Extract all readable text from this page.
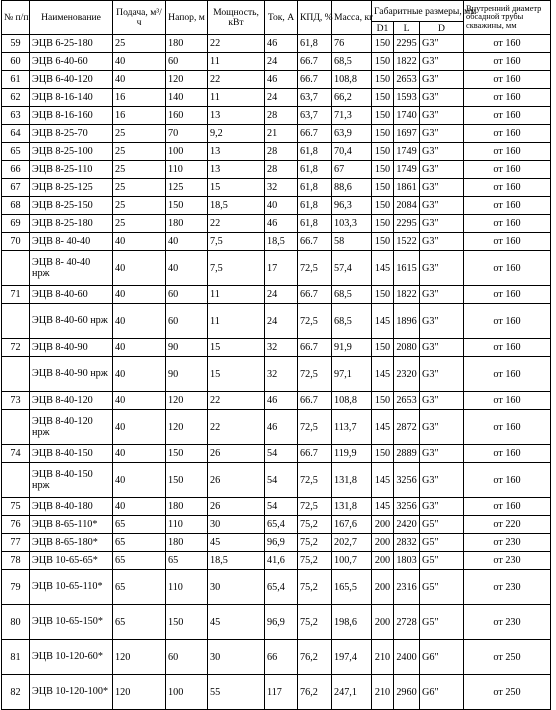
№ п/п	Наименование	Подача, м³/ч	Напор, м	Мощность, кВт	Ток, А	КПД, %	Масса, кг	Габаритные размеры, мм			Внутренний диаметр обсадной трубы скважины, мм
								D1	L	D	
59	ЭЦВ 6-25-180	25	180	22	46	61,8	76	150	2295	G3"	от 160
60	ЭЦВ 6-40-60	40	60	11	24	66.7	68,5	150	1822	G3"	от 160
61	ЭЦВ 6-40-120	40	120	22	46	66.7	108,8	150	2653	G3"	от 160
62	ЭЦВ 8-16-140	16	140	11	24	63,7	66,2	150	1593	G3"	от 160
63	ЭЦВ 8-16-160	16	160	13	28	63,7	71,3	150	1740	G3"	от 160
64	ЭЦВ 8-25-70	25	70	9,2	21	66.7	63,9	150	1697	G3"	от 160
65	ЭЦВ 8-25-100	25	100	13	28	61,8	70,4	150	1749	G3"	от 160
66	ЭЦВ 8-25-110	25	110	13	28	61,8	67	150	1749	G3"	от 160
67	ЭЦВ 8-25-125	25	125	15	32	61,8	88,6	150	1861	G3"	от 160
68	ЭЦВ 8-25-150	25	150	18,5	40	61,8	96,3	150	2084	G3"	от 160
69	ЭЦВ 8-25-180	25	180	22	46	61,8	103,3	150	2295	G3"	от 160
70	ЭЦВ 8- 40-40	40	40	7,5	18,5	66.7	58	150	1522	G3"	от 160
	ЭЦВ 8- 40-40 нрж	40	40	7,5	17	72,5	57,4	145	1615	G3"	от 160
71	ЭЦВ 8-40-60	40	60	11	24	66.7	68,5	150	1822	G3"	от 160
	ЭЦВ 8-40-60 нрж	40	60	11	24	72,5	68,5	145	1896	G3"	от 160
72	ЭЦВ 8-40-90	40	90	15	32	66.7	91,9	150	2080	G3"	от 160
	ЭЦВ 8-40-90 нрж	40	90	15	32	72,5	97,1	145	2320	G3"	от 160
73	ЭЦВ 8-40-120	40	120	22	46	66.7	108,8	150	2653	G3"	от 160
	ЭЦВ 8-40-120 нрж	40	120	22	46	72,5	113,7	145	2872	G3"	от 160
74	ЭЦВ 8-40-150	40	150	26	54	66.7	119,9	150	2889	G3"	от 160
	ЭЦВ 8-40-150 нрж	40	150	26	54	72,5	131,8	145	3256	G3"	от 160
75	ЭЦВ 8-40-180	40	180	26	54	72,5	131,8	145	3256	G3"	от 160
76	ЭЦВ 8-65-110*	65	110	30	65,4	75,2	167,6	200	2420	G5"	от 220
77	ЭЦВ 8-65-180*	65	180	45	96,9	75,2	202,7	200	2832	G5"	от 230
78	ЭЦВ 10-65-65*	65	65	18,5	41,6	75,2	100,7	200	1803	G5"	от 230
79	ЭЦВ 10-65-110*	65	110	30	65,4	75,2	165,5	200	2316	G5"	от 230
80	ЭЦВ 10-65-150*	65	150	45	96,9	75,2	198,6	200	2728	G5"	от 230
81	ЭЦВ 10-120-60*	120	60	30	66	76,2	197,4	210	2400	G6"	от 250
82	ЭЦВ 10-120-100*	120	100	55	117	76,2	247,1	210	2960	G6"	от 250
